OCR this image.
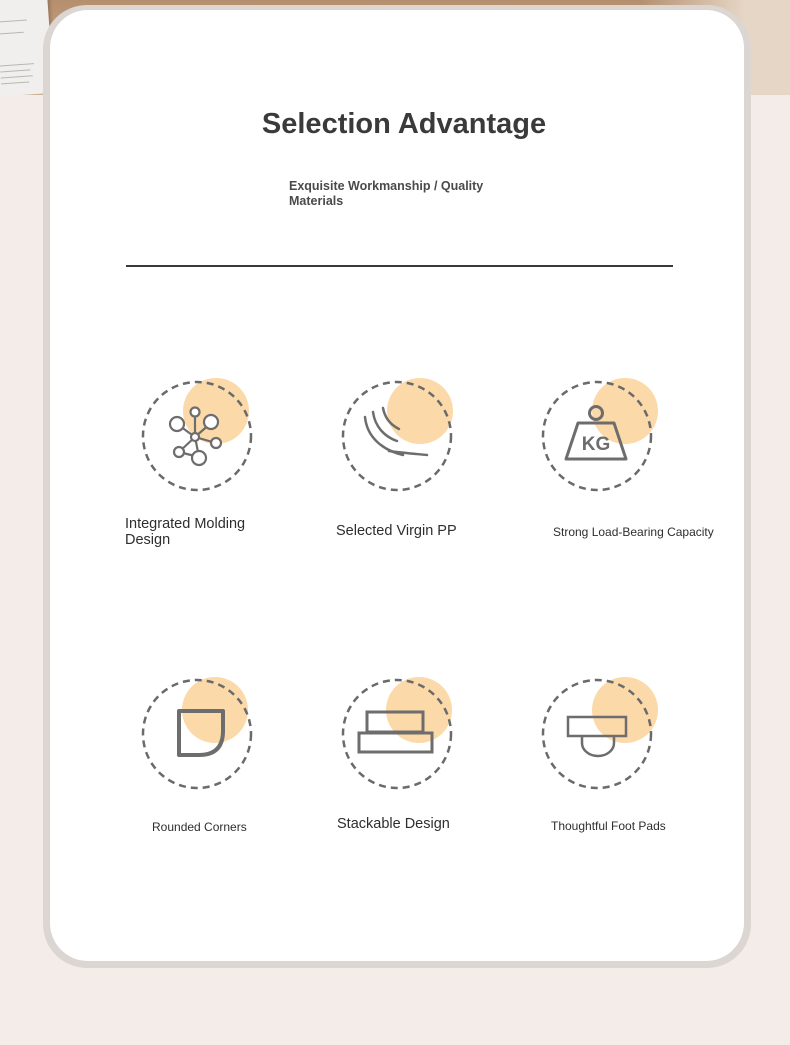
Selection Advantage
Exquisite Workmanship / Quality Materials
Integrated Molding Design
Selected Virgin PP
KG
Strong Load-Bearing Capacity
Rounded Corners	Stackable Design	Thoughtful Foot Pads
